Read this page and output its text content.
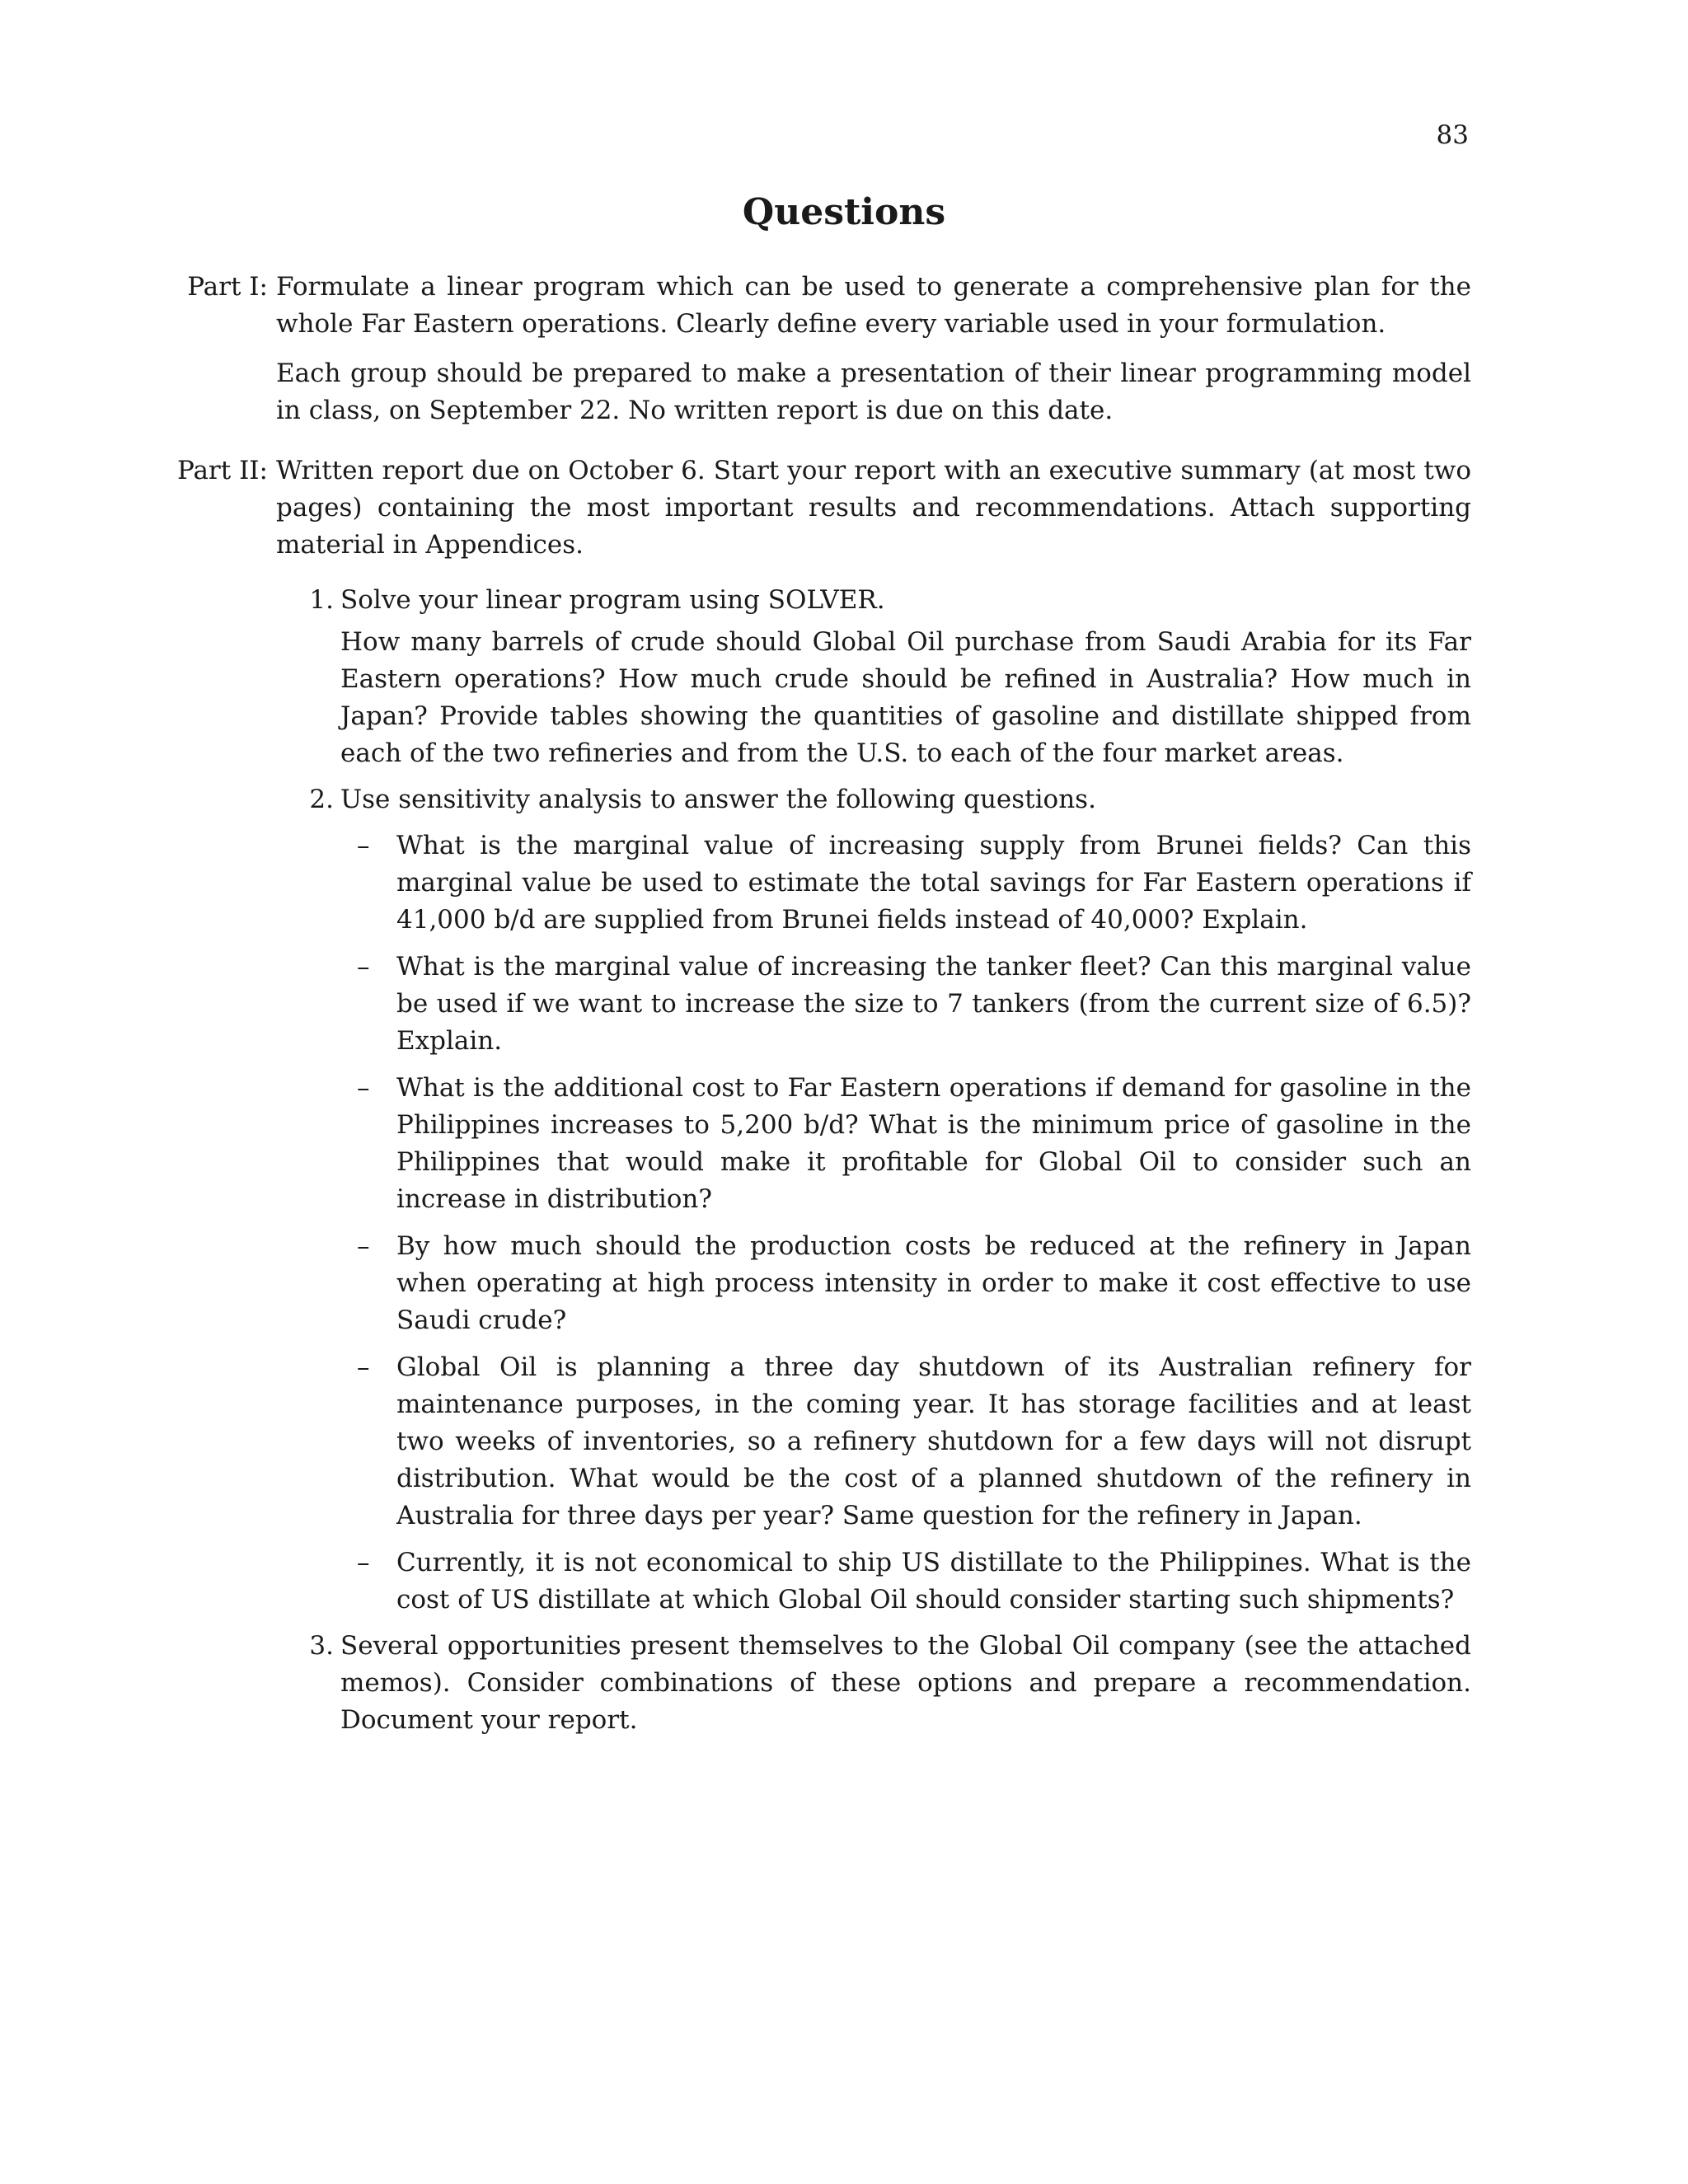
83
Questions
Part I: Formulate a linear program which can be used to generate a comprehensive plan for the whole Far Eastern operations. Clearly define every variable used in your formulation.

Each group should be prepared to make a presentation of their linear programming model in class, on September 22. No written report is due on this date.

Part II: Written report due on October 6. Start your report with an executive summary (at most two pages) containing the most important results and recommendations. Attach supporting material in Appendices.

1. Solve your linear program using SOLVER.

How many barrels of crude should Global Oil purchase from Saudi Arabia for its Far Eastern operations? How much crude should be refined in Australia? How much in Japan? Provide tables showing the quantities of gasoline and distillate shipped from each of the two refineries and from the U.S. to each of the four market areas.

2. Use sensitivity analysis to answer the following questions.

– What is the marginal value of increasing supply from Brunei fields? Can this marginal value be used to estimate the total savings for Far Eastern operations if 41,000 b/d are supplied from Brunei fields instead of 40,000? Explain.
– What is the marginal value of increasing the tanker fleet? Can this marginal value be used if we want to increase the size to 7 tankers (from the current size of 6.5)? Explain.
– What is the additional cost to Far Eastern operations if demand for gasoline in the Philippines increases to 5,200 b/d? What is the minimum price of gasoline in the Philippines that would make it profitable for Global Oil to consider such an increase in distribution?
– By how much should the production costs be reduced at the refinery in Japan when operating at high process intensity in order to make it cost effective to use Saudi crude?
– Global Oil is planning a three day shutdown of its Australian refinery for maintenance purposes, in the coming year. It has storage facilities and at least two weeks of inventories, so a refinery shutdown for a few days will not disrupt distribution. What would be the cost of a planned shutdown of the refinery in Australia for three days per year? Same question for the refinery in Japan.
– Currently, it is not economical to ship US distillate to the Philippines. What is the cost of US distillate at which Global Oil should consider starting such shipments?
3. Several opportunities present themselves to the Global Oil company (see the attached memos). Consider combinations of these options and prepare a recommendation. Document your report.
